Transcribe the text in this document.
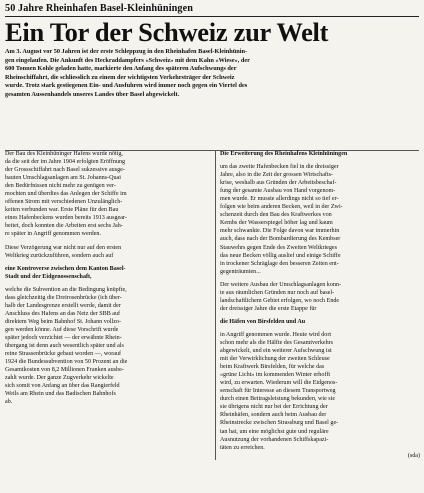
50 Jahre Rheinhafen Basel-Kleinhüningen
Ein Tor der Schweiz zur Welt
Am 3. August vor 50 Jahren ist der erste Schleppzug in den Rheinhafen Basel-Kleinhünin-
gen eingelaufen. Die Ankunft des Heckraddampfers «Schweiz» mit dem Kahn «Wiese», der
600 Tonnen Kohle geladen hatte, markierte den Anfang des späteren Aufschwungs der
Rheinschiffahrt, die schliesslich zu einem der wichtigsten Verkehrsträger der Schweiz
wurde. Trotz stark gestiegenen Ein- und Ausfuhren wird immer noch gegen ein Viertel des
gesamten Aussenhandels unseres Landes über Basel abgewickelt.
Der Bau des Kleinhüninger Hafens wurde nötig,
da die seit der im Jahre 1904 erfolgten Eröffnung
der Grossschiffahrt nach Basel sukzessive ausge-
bauten Umschlagsanlagen am St. Johanns-Quai
den Bedürfnissen nicht mehr zu genügen ver-
mochten und überdies das Anlegen der Schiffe im
offenen Strom mit verschiedenen Unzulänglich-
keiten verbunden war. Erste Pläne für den Bau
eines Hafenbeckens wurden bereits 1913 ausgear-
beitet, doch konnten die Arbeiten erst sechs Jah-
re später in Angriff genommen werden.
Diese Verzögerung war nicht nur auf den ersten
Weltkrieg zurückzuführen, sondern auch auf
eine Kontroverse zwischen dem Kanton Basel-
Stadt und der Eidgenossenschaft,
welche die Subvention an die Bedingung knüpfte,
dass gleichzeitig die Dreirosenbrücke (ich über-
halb der Landesgrenze erstellt werde, damit der
Anschluss des Hafens an das Netz der SBB auf
direktem Weg beim Bahnhof St. Johann vollzo-
gen werden könne. Auf diese Vorschrift wurde
später jedoch verzichtet — der erwähnte Rhein-
übergang ist denn auch wesentlich später und als
reine Strassenbrücke gebaut worden —, worauf
1924 die Bundessubvention von 50 Prozent an die
Gesamtkosten von 8,2 Millionen Franken ausbe-
zahlt wurde. Der ganze Zugverkehr wickelte
sich somit von Anfang an über das Rangierfeld
Weils am Rhein und das Badischen Bahnhofs
ab.
Die Erweiterung des Rheinhafens Kleinhüningen
um das zweite Hafenbecken fiel in die dreissiger
Jahre, also in die Zeit der grossen Wirtschafts-
krise, weshalb aus Gründen der Arbeitsbeschaf-
fung der gesamte Ausbau von Hand vorgenom-
men wurde. Er musste allerdings nicht so tief er-
folgen wie beim anderen Becken, weil in der Zwi-
schenzeit durch den Bau des Kraftwerkes von
Kembs der Wasserspiegel höher lag und kaum
mehr schwankte. Die Folge davon war immerhin
auch, dass nach der Bombardierung des Kembser
Stauwehrs gegen Ende des Zweiten Weltkrieges
das neue Becken völlig auslief und einige Schiffe
in trockener Schräglage den besseren Zeiten ent-
gegenträumten...
Der weitere Ausbau der Umschlagsanlagen konn-
te aus räumlichen Gründen nur noch auf basel-
landschaftlichem Gebiet erfolgen, wo noch Ende
der dreissiger Jahre die erste Etappe für
die Häfen von Birsfelden und Au
in Angriff genommen wurde. Heute wird dort
schon mehr als die Hälfte des Gesamtverkehrs
abgewickelt, und ein weiterer Aufschwung ist
mit der Verwirklichung der zweiten Schleuse
beim Kraftwerk Birsfelden, für welche das
«grüne Licht» im kommenden Winter erhofft
wird, zu erwarten. Wiederum will die Eidgenos-
senschaft für Interesse an diesem Transportweg
durch einen Beitragsleistung bekunden, wie sie
sie übrigens nicht nur bei der Errichtung der
Rheinhäfen, sondern auch beim Ausbau der
Rheinstrecke zwischen Strassburg und Basel ge-
tan hat, um eine möglichst gute und reguläre
Ausnutzung der vorhandenen Schiffskapazi-
täten zu erreichen.
(sda)
